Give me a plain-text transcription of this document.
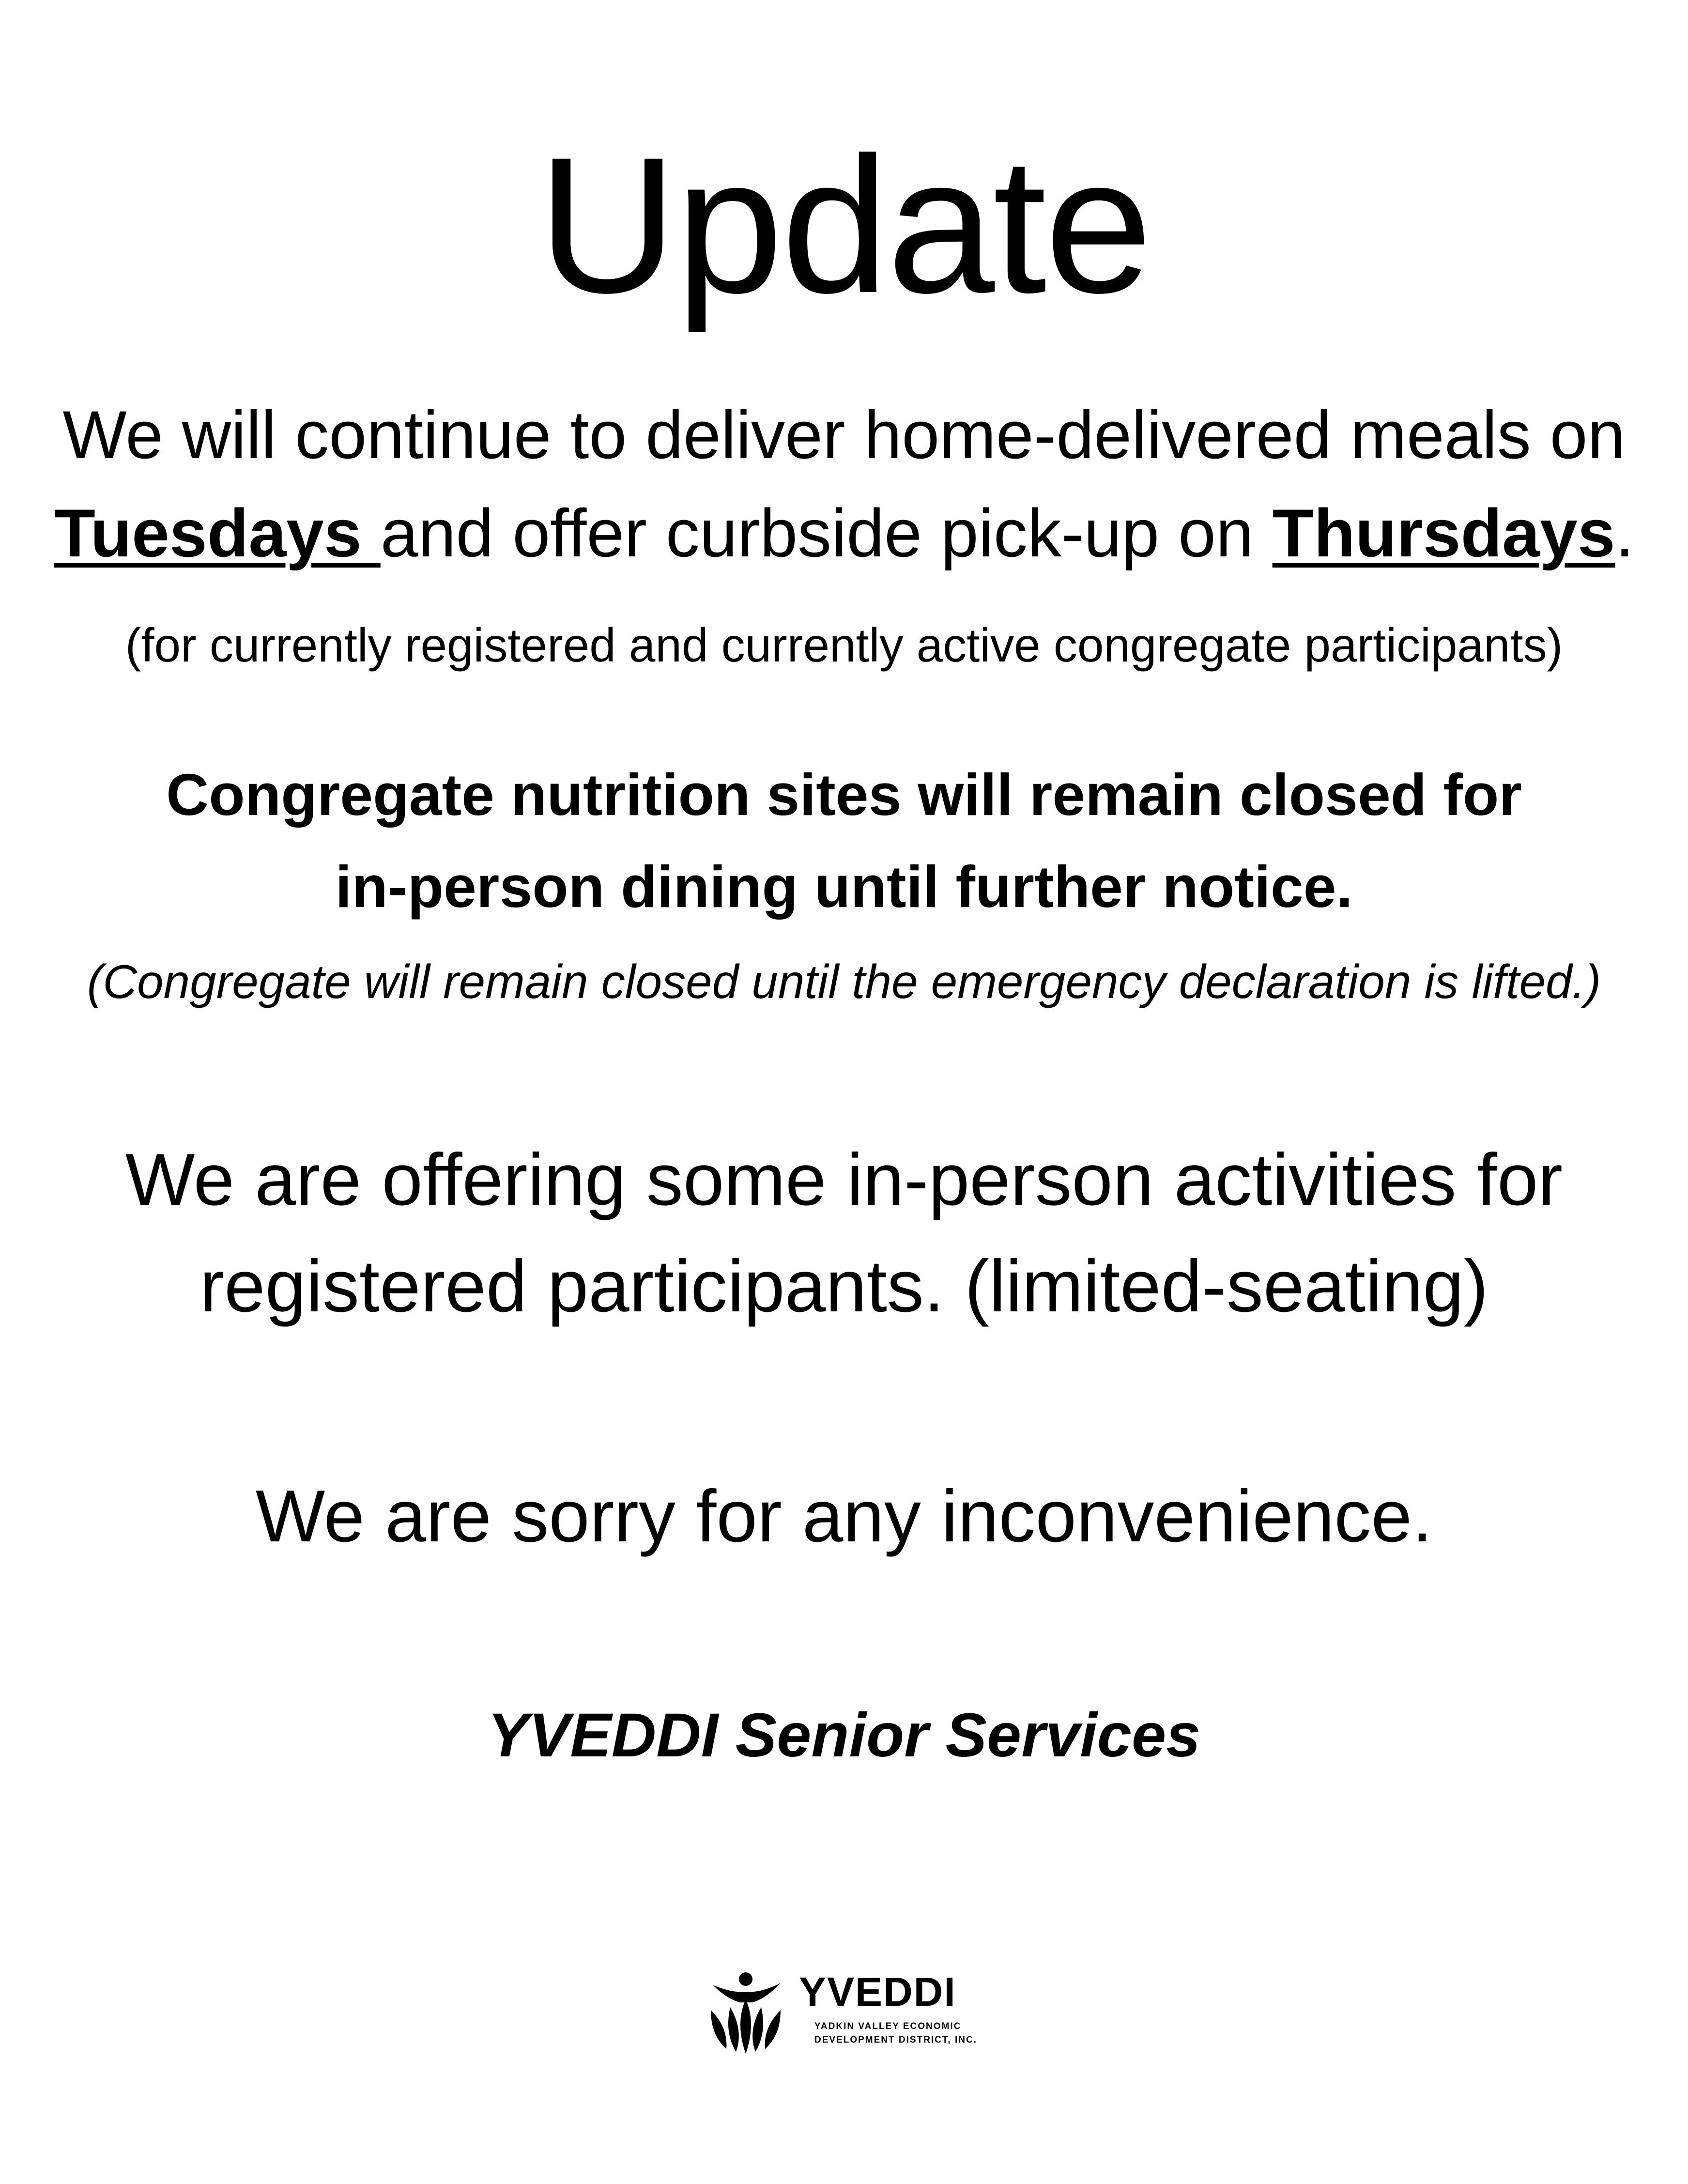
Update
We will continue to deliver home-delivered meals on
Tuesdays and offer curbside pick-up on Thursdays.
(for currently registered and currently active congregate participants)
Congregate nutrition sites will remain closed for
in-person dining until further notice.
(Congregate will remain closed until the emergency declaration is lifted.)
We are offering some in-person activities for
registered participants. (limited-seating)
We are sorry for any inconvenience.
YVEDDI Senior Services
YVEDDI
YADKIN VALLEY ECONOMIC
DEVELOPMENT DISTRICT, INC.
